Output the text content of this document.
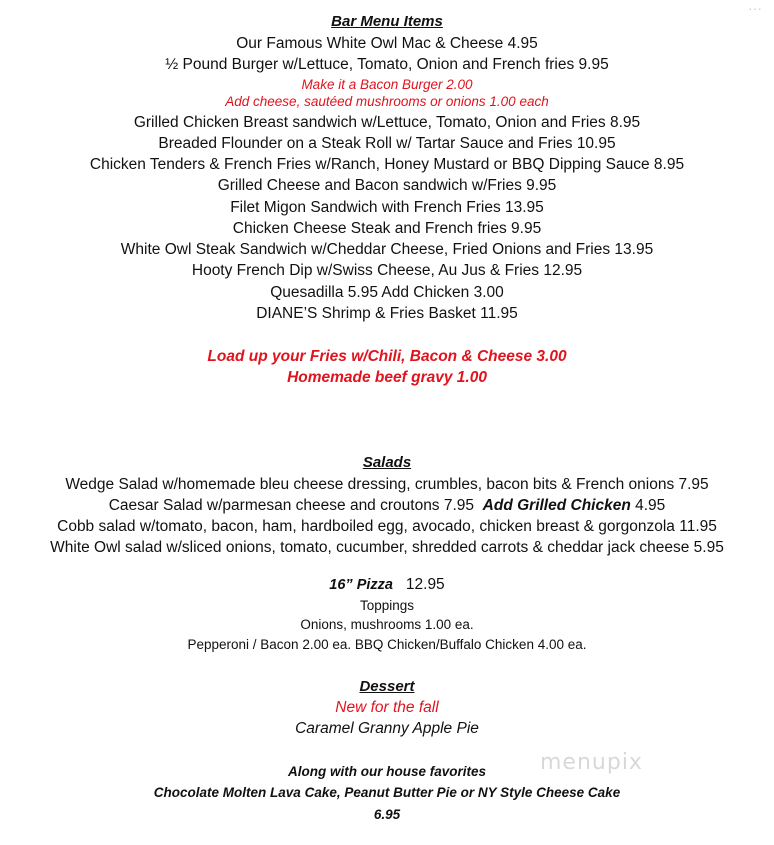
···
Bar Menu Items
Our Famous White Owl Mac & Cheese 4.95
½ Pound Burger w/Lettuce, Tomato, Onion and French fries 9.95
Make it a Bacon Burger 2.00
Add cheese, sautéed mushrooms or onions 1.00 each
Grilled Chicken Breast sandwich w/Lettuce, Tomato, Onion and Fries 8.95
Breaded Flounder on a Steak Roll w/ Tartar Sauce and Fries 10.95
Chicken Tenders & French Fries w/Ranch, Honey Mustard or BBQ Dipping Sauce 8.95
Grilled Cheese and Bacon sandwich w/Fries 9.95
Filet Migon Sandwich with French Fries 13.95
Chicken Cheese Steak and French fries 9.95
White Owl Steak Sandwich w/Cheddar Cheese, Fried Onions and Fries 13.95
Hooty French Dip w/Swiss Cheese, Au Jus & Fries 12.95
Quesadilla 5.95 Add Chicken 3.00
DIANE’S Shrimp & Fries Basket 11.95
Load up your Fries w/Chili, Bacon & Cheese 3.00
Homemade beef gravy 1.00
Salads
Wedge Salad w/homemade bleu cheese dressing, crumbles, bacon bits & French onions 7.95
Caesar Salad w/parmesan cheese and croutons 7.95 Add Grilled Chicken 4.95
Cobb salad w/tomato, bacon, ham, hardboiled egg, avocado, chicken breast & gorgonzola 11.95
White Owl salad w/sliced onions, tomato, cucumber, shredded carrots & cheddar jack cheese 5.95
16” Pizza 12.95
Toppings
Onions, mushrooms 1.00 ea.
Pepperoni / Bacon 2.00 ea. BBQ Chicken/Buffalo Chicken 4.00 ea.
Dessert
New for the fall
Caramel Granny Apple Pie
Along with our house favorites
Chocolate Molten Lava Cake, Peanut Butter Pie or NY Style Cheese Cake
6.95
menupix
